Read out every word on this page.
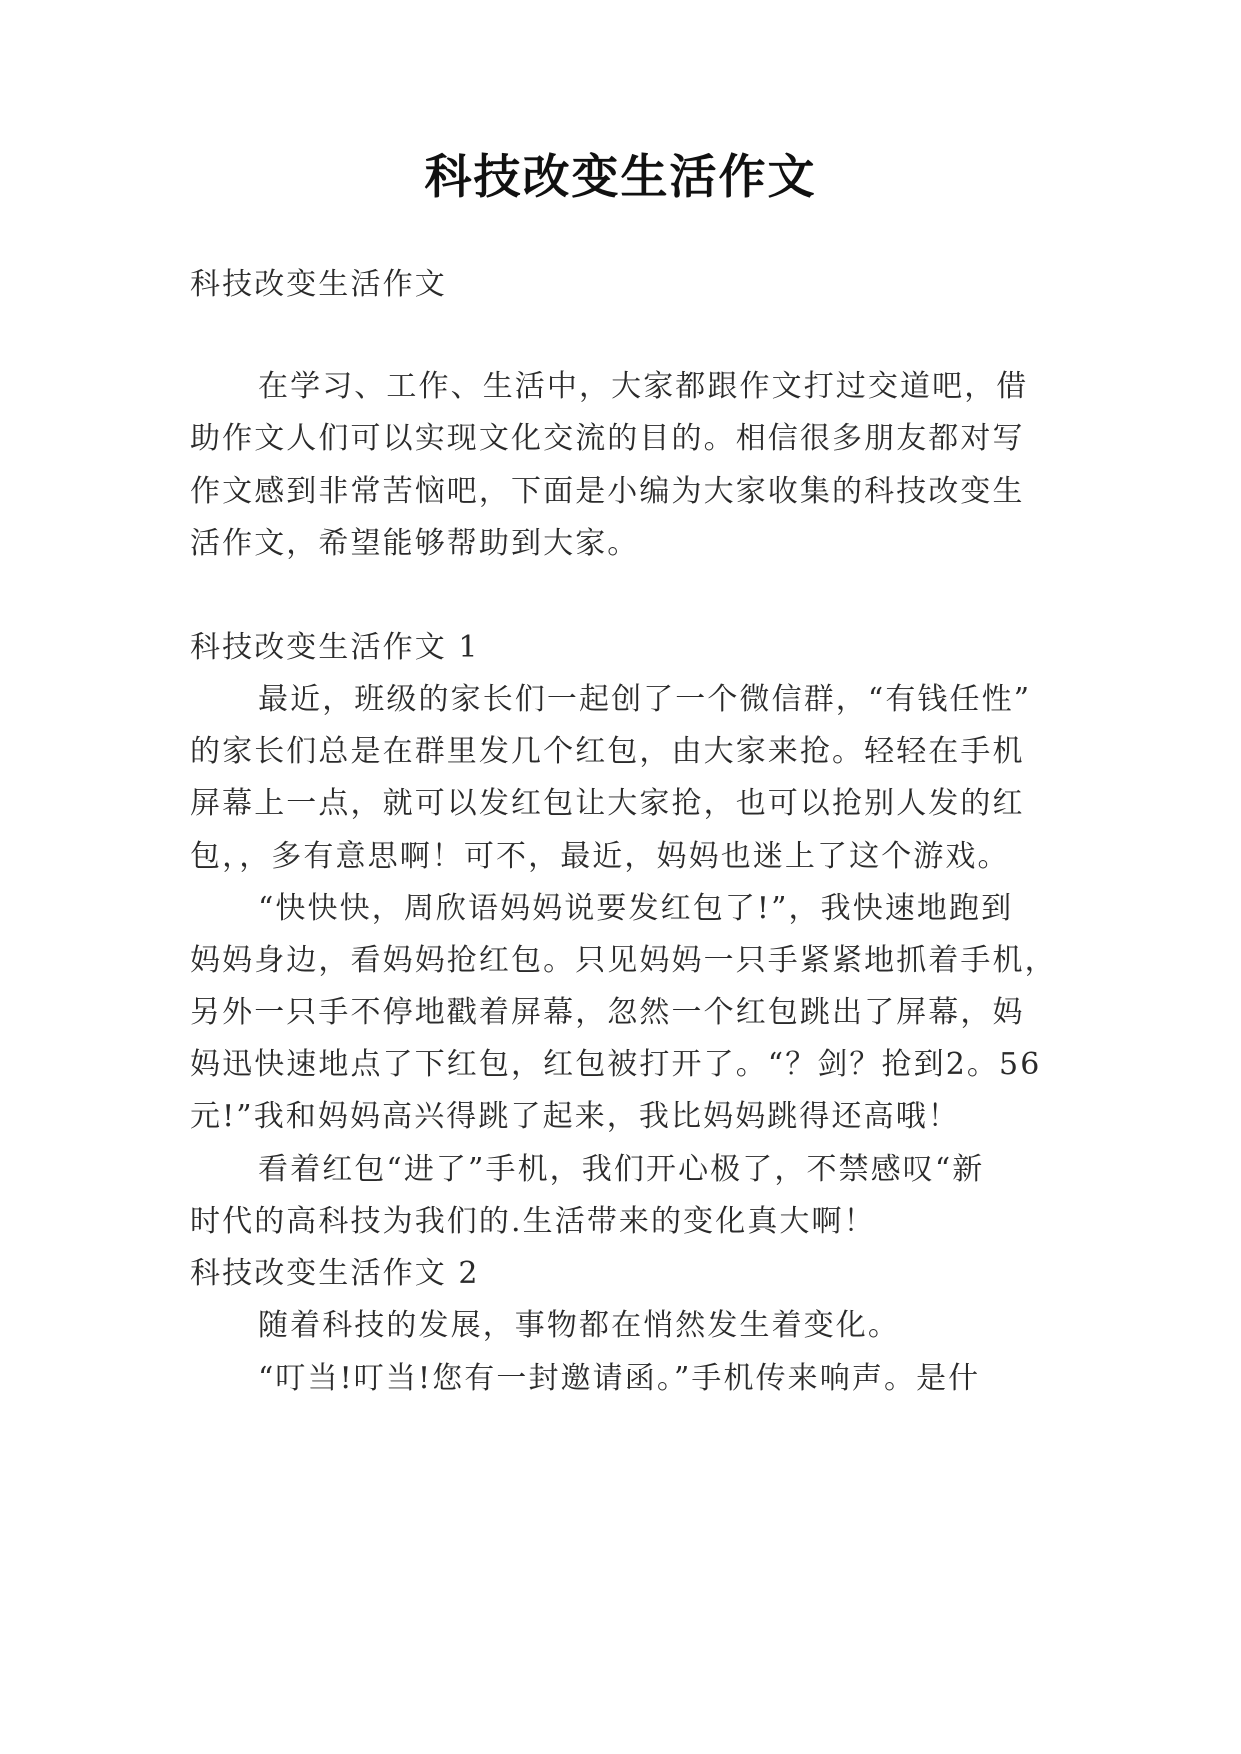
科技改变生活作文
科技改变生活作文
在学习、工作、生活中，大家都跟作文打过交道吧，借
助作文人们可以实现文化交流的目的。相信很多朋友都对写
作文感到非常苦恼吧，下面是小编为大家收集的科技改变生
活作文，希望能够帮助到大家。
科技改变生活作文 1
最近，班级的家长们一起创了一个微信群，“有钱任性”
的家长们总是在群里发几个红包，由大家来抢。轻轻在手机
屏幕上一点，就可以发红包让大家抢，也可以抢别人发的红
包，，多有意思啊！可不，最近，妈妈也迷上了这个游戏。
“快快快，周欣语妈妈说要发红包了!”，我快速地跑到
妈妈身边，看妈妈抢红包。只见妈妈一只手紧紧地抓着手机，
另外一只手不停地戳着屏幕，忽然一个红包跳出了屏幕，妈
妈迅快速地点了下红包，红包被打开了。“？剑？抢到2。56
元!”我和妈妈高兴得跳了起来，我比妈妈跳得还高哦！
看着红包“进了”手机，我们开心极了，不禁感叹“新
时代的高科技为我们的.生活带来的变化真大啊！
科技改变生活作文 2
随着科技的发展，事物都在悄然发生着变化。
“叮当!叮当!您有一封邀请函。”手机传来响声。是什
